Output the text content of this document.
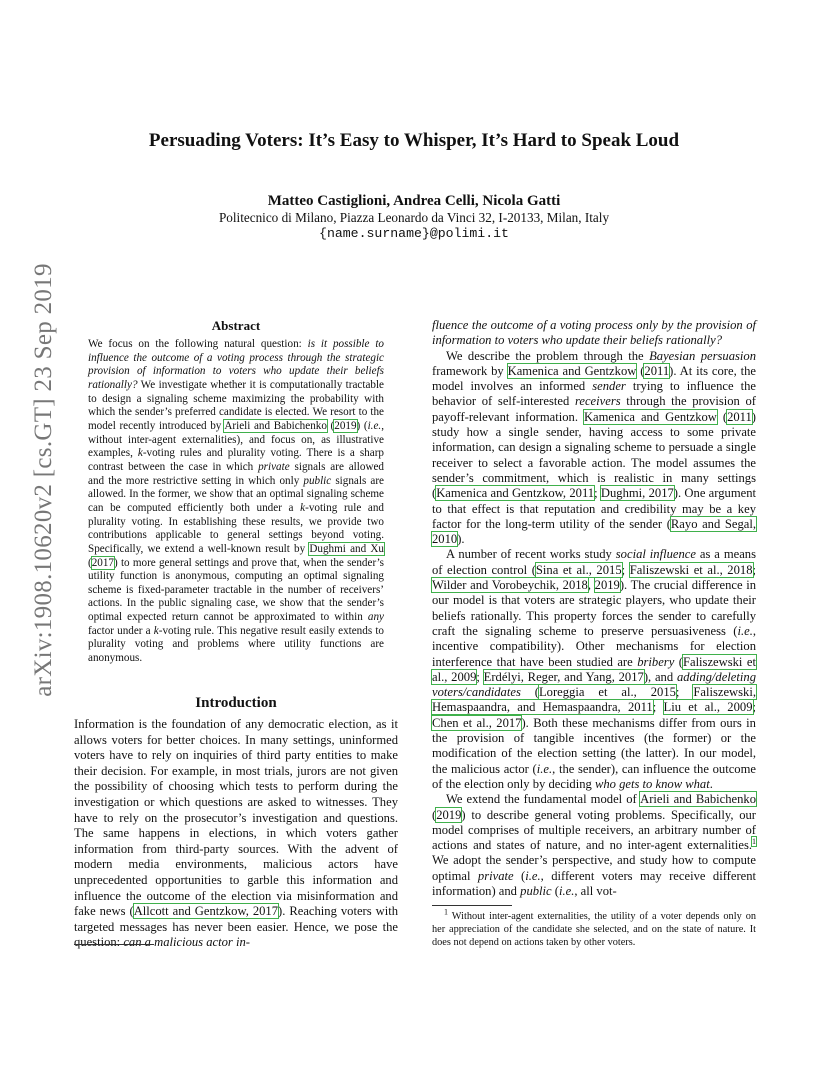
arXiv:1908.10620v2 [cs.GT] 23 Sep 2019
Persuading Voters: It’s Easy to Whisper, It’s Hard to Speak Loud
Matteo Castiglioni, Andrea Celli, Nicola Gatti
Politecnico di Milano, Piazza Leonardo da Vinci 32, I-20133, Milan, Italy
{name.surname}@polimi.it
Abstract

We focus on the following natural question: is it possible to influence the outcome of a voting process through the strategic provision of information to voters who update their beliefs rationally? We investigate whether it is computationally tractable to design a signaling scheme maximizing the probability with which the sender’s preferred candidate is elected. We resort to the model recently introduced by Arieli and Babichenko (2019) (i.e., without inter-agent externalities), and focus on, as illustrative examples, k-voting rules and plurality voting. There is a sharp contrast between the case in which private signals are allowed and the more restrictive setting in which only public signals are allowed. In the former, we show that an optimal signaling scheme can be computed efficiently both under a k-voting rule and plurality voting. In establishing these results, we provide two contributions applicable to general settings beyond voting. Specifically, we extend a well-known result by Dughmi and Xu (2017) to more general settings and prove that, when the sender’s utility function is anonymous, computing an optimal signaling scheme is fixed-parameter tractable in the number of receivers’ actions. In the public signaling case, we show that the sender’s optimal expected return cannot be approximated to within any factor under a k-voting rule. This negative result easily extends to plurality voting and problems where utility functions are anonymous.

Introduction

Information is the foundation of any democratic election, as it allows voters for better choices. In many settings, uninformed voters have to rely on inquiries of third party entities to make their decision. For example, in most trials, jurors are not given the possibility of choosing which tests to perform during the investigation or which questions are asked to witnesses. They have to rely on the prosecutor’s investigation and questions. The same happens in elections, in which voters gather information from third-party sources. With the advent of modern media environments, malicious actors have unprecedented opportunities to garble this information and influence the outcome of the election via misinformation and fake news (Allcott and Gentzkow, 2017). Reaching voters with targeted messages has never been easier. Hence, we pose the question: can a malicious actor in-

fluence the outcome of a voting process only by the provision of information to voters who update their beliefs rationally?

We describe the problem through the Bayesian persuasion framework by Kamenica and Gentzkow (2011). At its core, the model involves an informed sender trying to influence the behavior of self-interested receivers through the provision of payoff-relevant information. Kamenica and Gentzkow (2011) study how a single sender, having access to some private information, can design a signaling scheme to persuade a single receiver to select a favorable action. The model assumes the sender’s commitment, which is realistic in many settings (Kamenica and Gentzkow, 2011; Dughmi, 2017). One argument to that effect is that reputation and credibility may be a key factor for the long-term utility of the sender (Rayo and Segal, 2010).

A number of recent works study social influence as a means of election control (Sina et al., 2015; Faliszewski et al., 2018; Wilder and Vorobeychik, 2018, 2019). The crucial difference in our model is that voters are strategic players, who update their beliefs rationally. This property forces the sender to carefully craft the signaling scheme to preserve persuasiveness (i.e., incentive compatibility). Other mechanisms for election interference that have been studied are bribery (Faliszewski et al., 2009; Erdélyi, Reger, and Yang, 2017), and adding/deleting voters/candidates (Loreggia et al., 2015; Faliszewski, Hemaspaandra, and Hemaspaandra, 2011; Liu et al., 2009; Chen et al., 2017). Both these mechanisms differ from ours in the provision of tangible incentives (the former) or the modification of the election setting (the latter). In our model, the malicious actor (i.e., the sender), can influence the outcome of the election only by deciding who gets to know what.

We extend the fundamental model of Arieli and Babichenko (2019) to describe general voting problems. Specifically, our model comprises of multiple receivers, an arbitrary number of actions and states of nature, and no inter-agent externalities.$^1$ We adopt the sender’s perspective, and study how to compute optimal private (i.e., different voters may receive different information) and public (i.e., all vot-

$^1$ Without inter-agent externalities, the utility of a voter depends only on her appreciation of the candidate she selected, and on the state of nature. It does not depend on actions taken by other voters.
